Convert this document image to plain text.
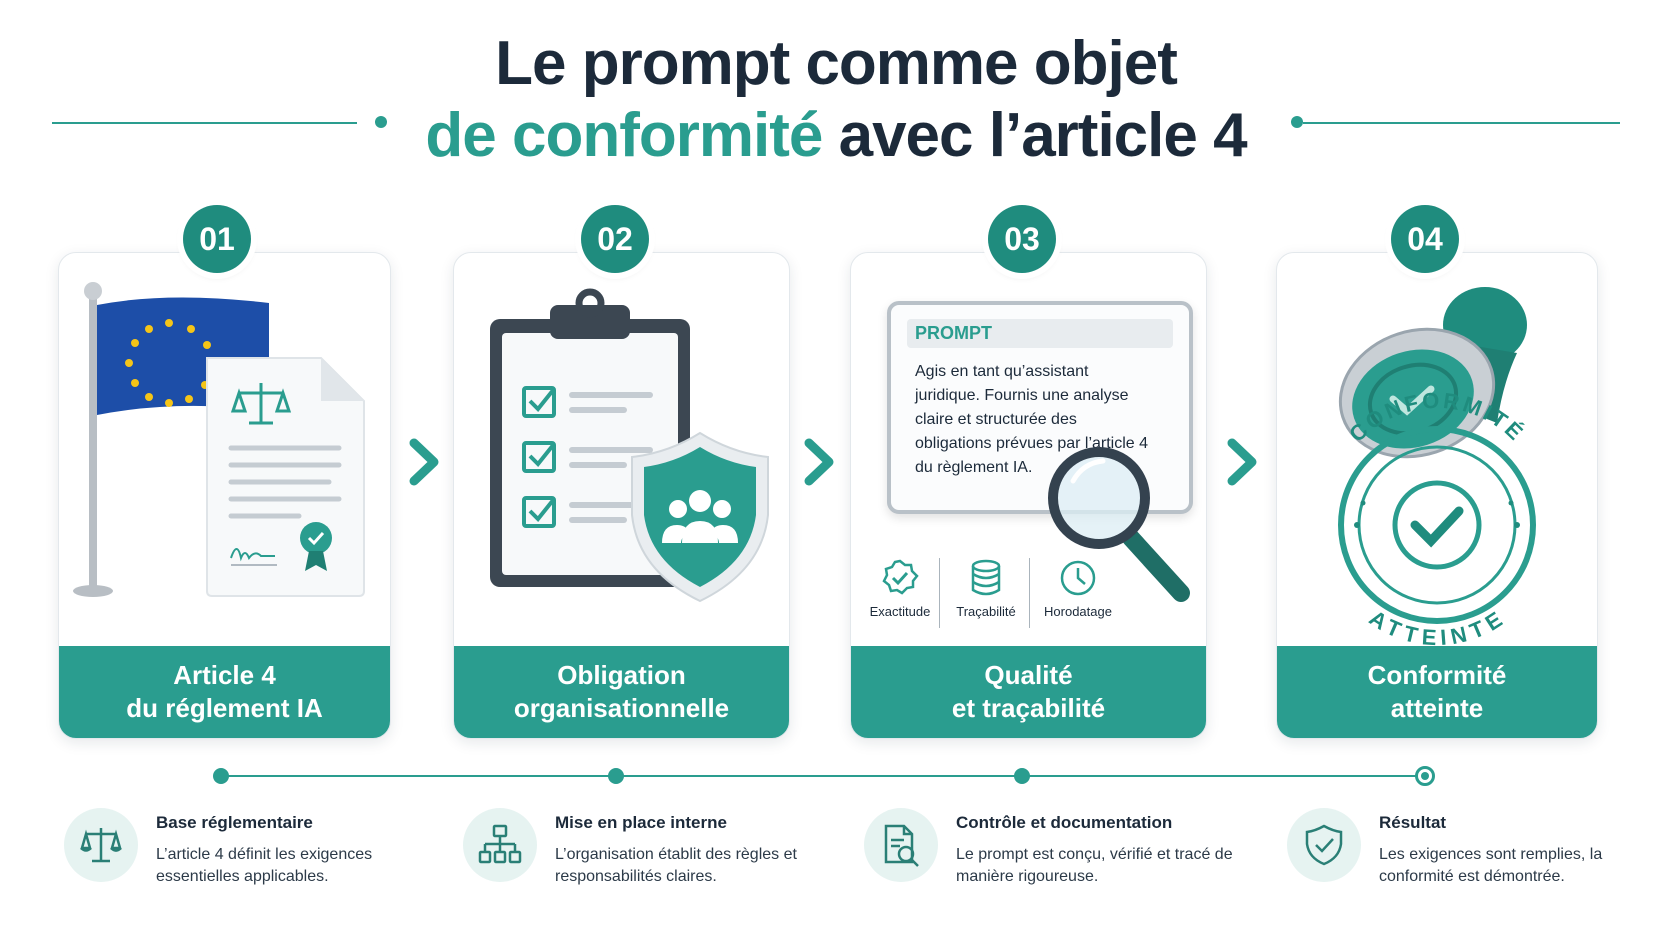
Le prompt comme objet
de conformité avec l’article 4
01	02	03	04
Article 4
du réglement IA
Obligation
organisationnelle
PROMPT
Agis en tant qu’assistant juridique. Fournis une analyse claire et structurée des obligations prévues par l’article 4 du règlement IA.
Exactitude	Traçabilité	Horodatage
Qualité
et traçabilité
CONFORMITÉ
ATTEINTE
Conformité
atteinte
Base réglementaire
L’article 4 définit les exigences essentielles applicables.
Mise en place interne
L’organisation établit des règles et responsabilités claires.
Contrôle et documentation
Le prompt est conçu, vérifié et tracé de manière rigoureuse.
Résultat
Les exigences sont remplies, la conformité est démontrée.
